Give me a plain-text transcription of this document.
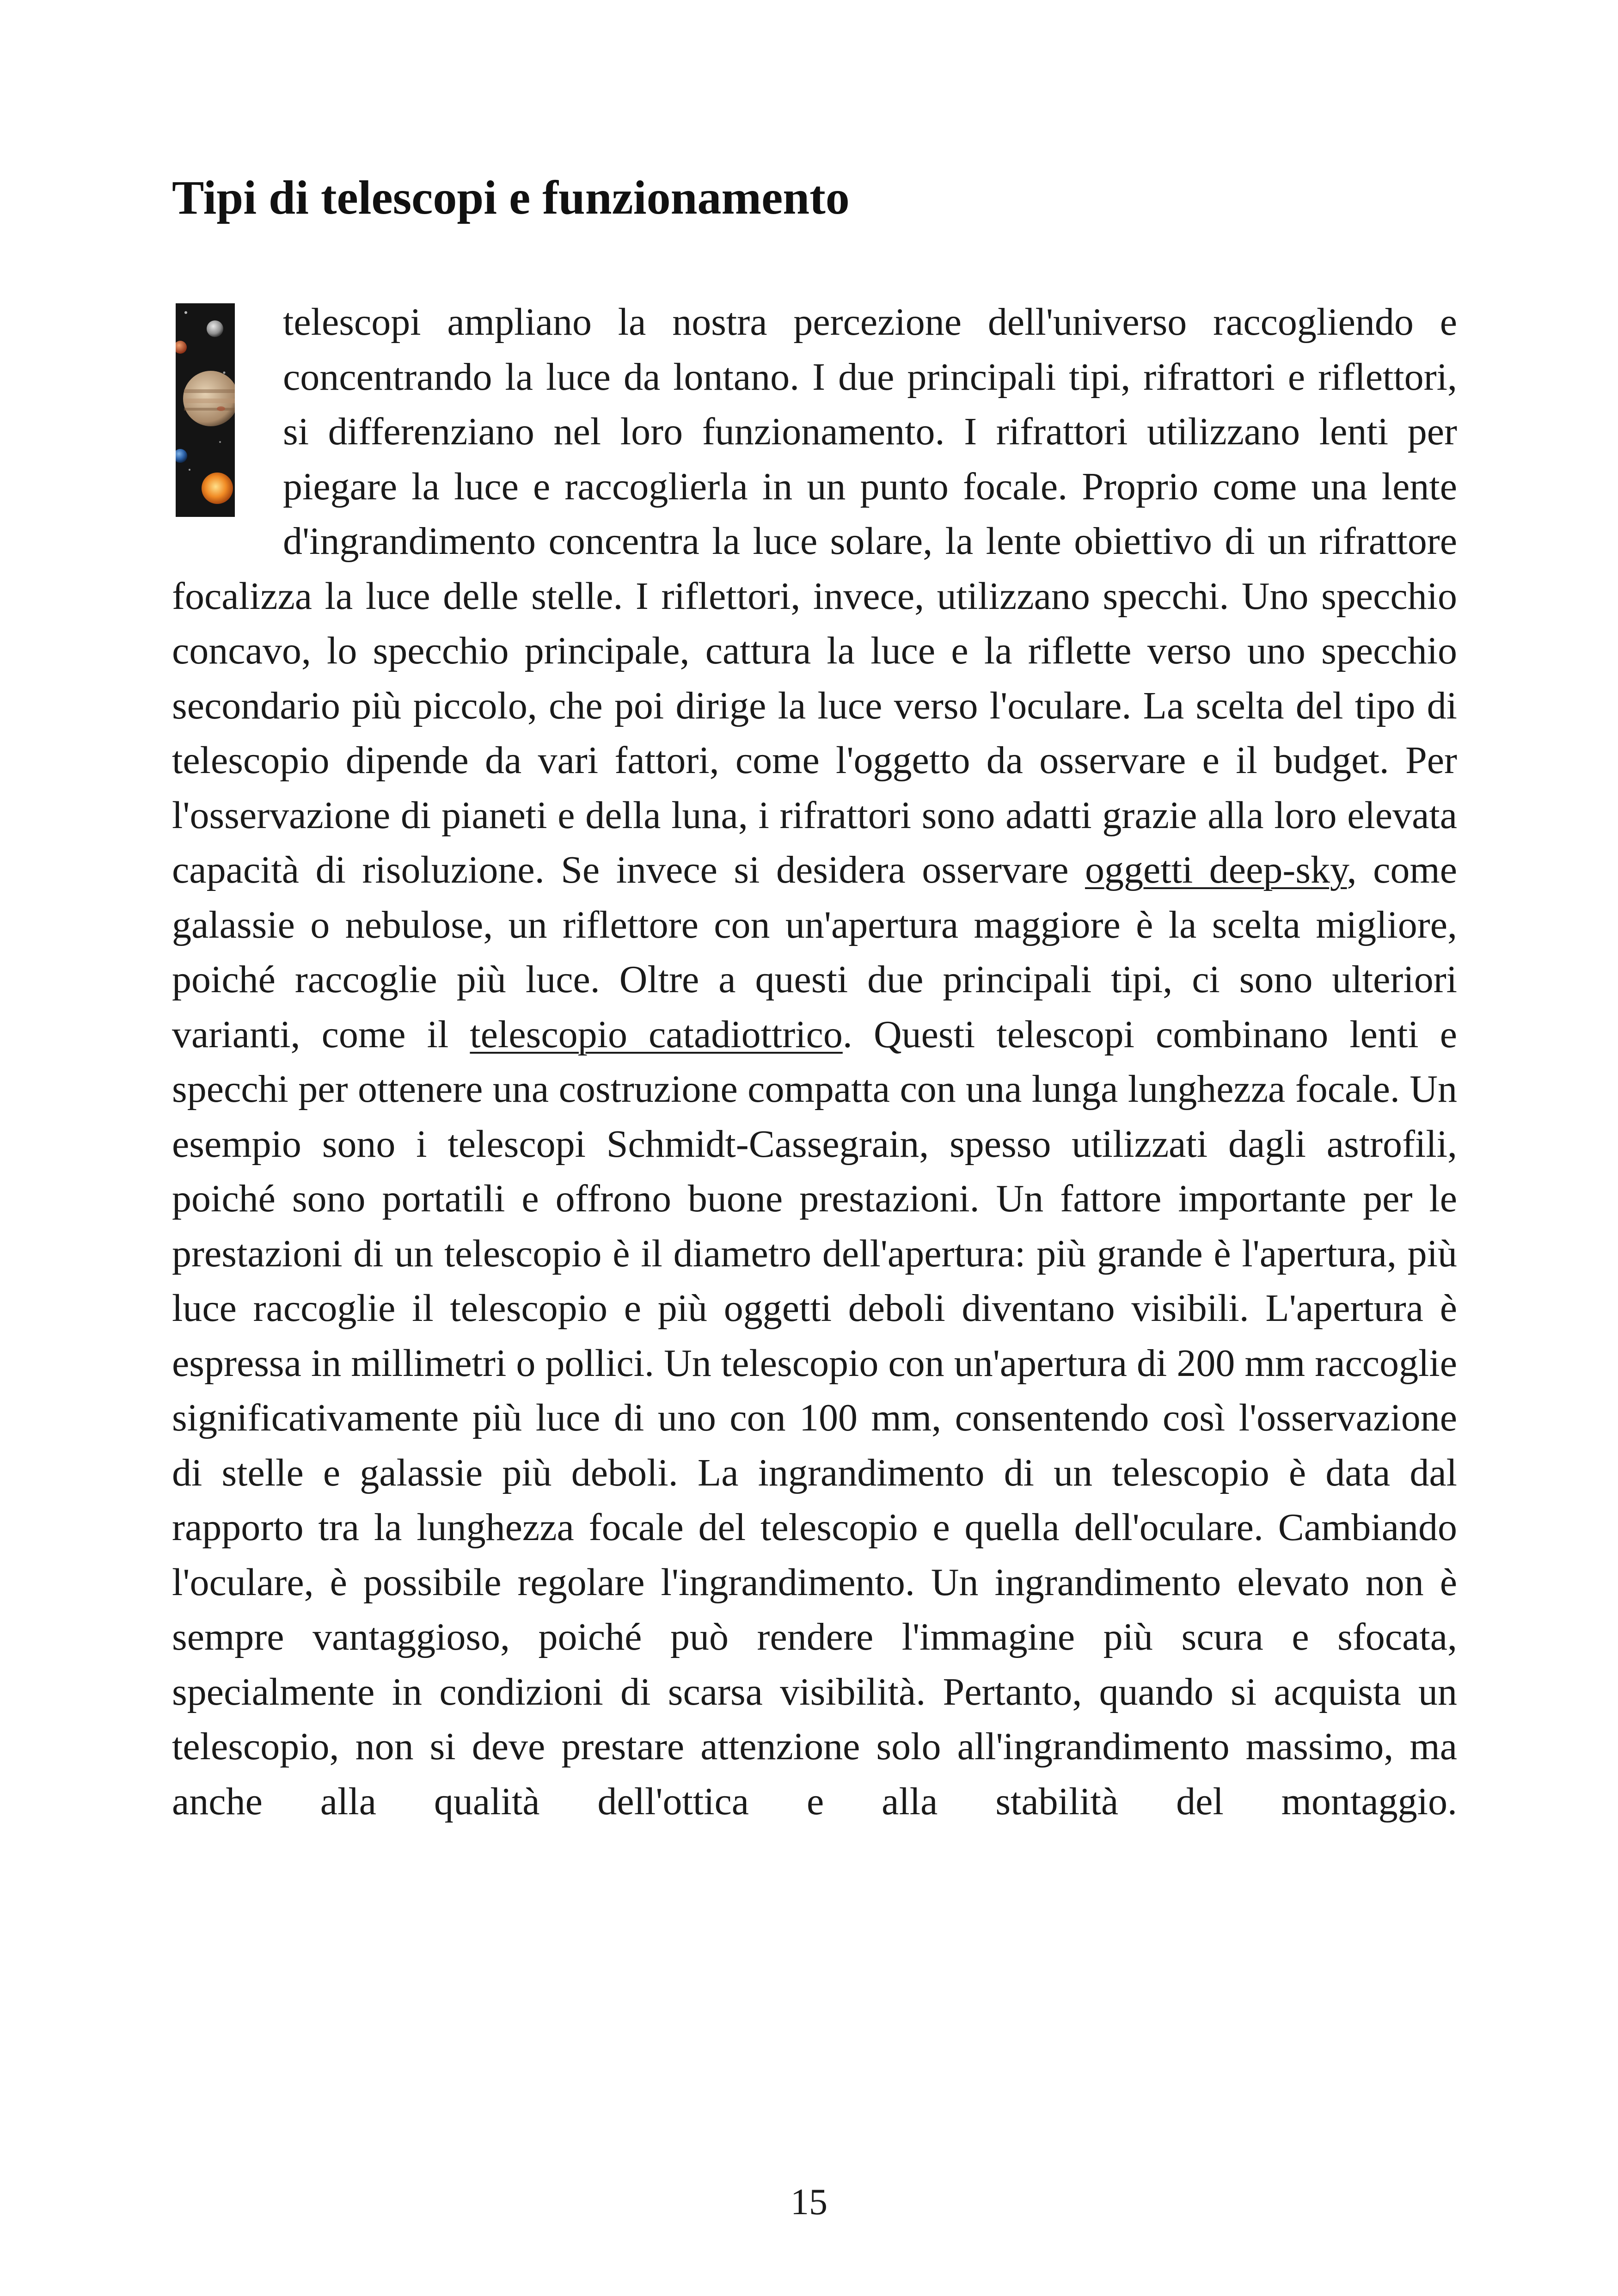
Tipi di telescopi e funzionamento

telescopi ampliano la nostra percezione dell'universo raccogliendo e concentrando la luce da lontano. I due principali tipi, rifrattori e riflettori, si differenziano nel loro funzionamento. I rifrattori utilizzano lenti per piegare la luce e raccoglierla in un punto focale. Proprio come una lente d'ingrandimento concentra la luce solare, la lente obiettivo di un rifrattore focalizza la luce delle stelle. I riflettori, invece, utilizzano specchi. Uno specchio concavo, lo specchio principale, cattura la luce e la riflette verso uno specchio secondario più piccolo, che poi dirige la luce verso l'oculare. La scelta del tipo di telescopio dipende da vari fattori, come l'oggetto da osservare e il budget. Per l'osservazione di pianeti e della luna, i rifrattori sono adatti grazie alla loro elevata capacità di risoluzione. Se invece si desidera osservare oggetti deep-sky, come galassie o nebulose, un riflettore con un'apertura maggiore è la scelta migliore, poiché raccoglie più luce. Oltre a questi due principali tipi, ci sono ulteriori varianti, come il telescopio catadiottrico. Questi telescopi combinano lenti e specchi per ottenere una costruzione compatta con una lunga lunghezza focale. Un esempio sono i telescopi Schmidt-Cassegrain, spesso utilizzati dagli astrofili, poiché sono portatili e offrono buone prestazioni. Un fattore importante per le prestazioni di un telescopio è il diametro dell'apertura: più grande è l'apertura, più luce raccoglie il telescopio e più oggetti deboli diventano visibili. L'apertura è espressa in millimetri o pollici. Un telescopio con un'apertura di 200 mm raccoglie significativamente più luce di uno con 100 mm, consentendo così l'osservazione di stelle e galassie più deboli. La ingrandimento di un telescopio è data dal rapporto tra la lunghezza focale del telescopio e quella dell'oculare. Cambiando l'oculare, è possibile regolare l'ingrandimento. Un ingrandimento elevato non è sempre vantaggioso, poiché può rendere l'immagine più scura e sfocata, specialmente in condizioni di scarsa visibilità. Pertanto, quando si acquista un telescopio, non si deve prestare attenzione solo all'ingrandimento massimo, ma anche alla qualità dell'ottica e alla stabilità del montaggio.

15
